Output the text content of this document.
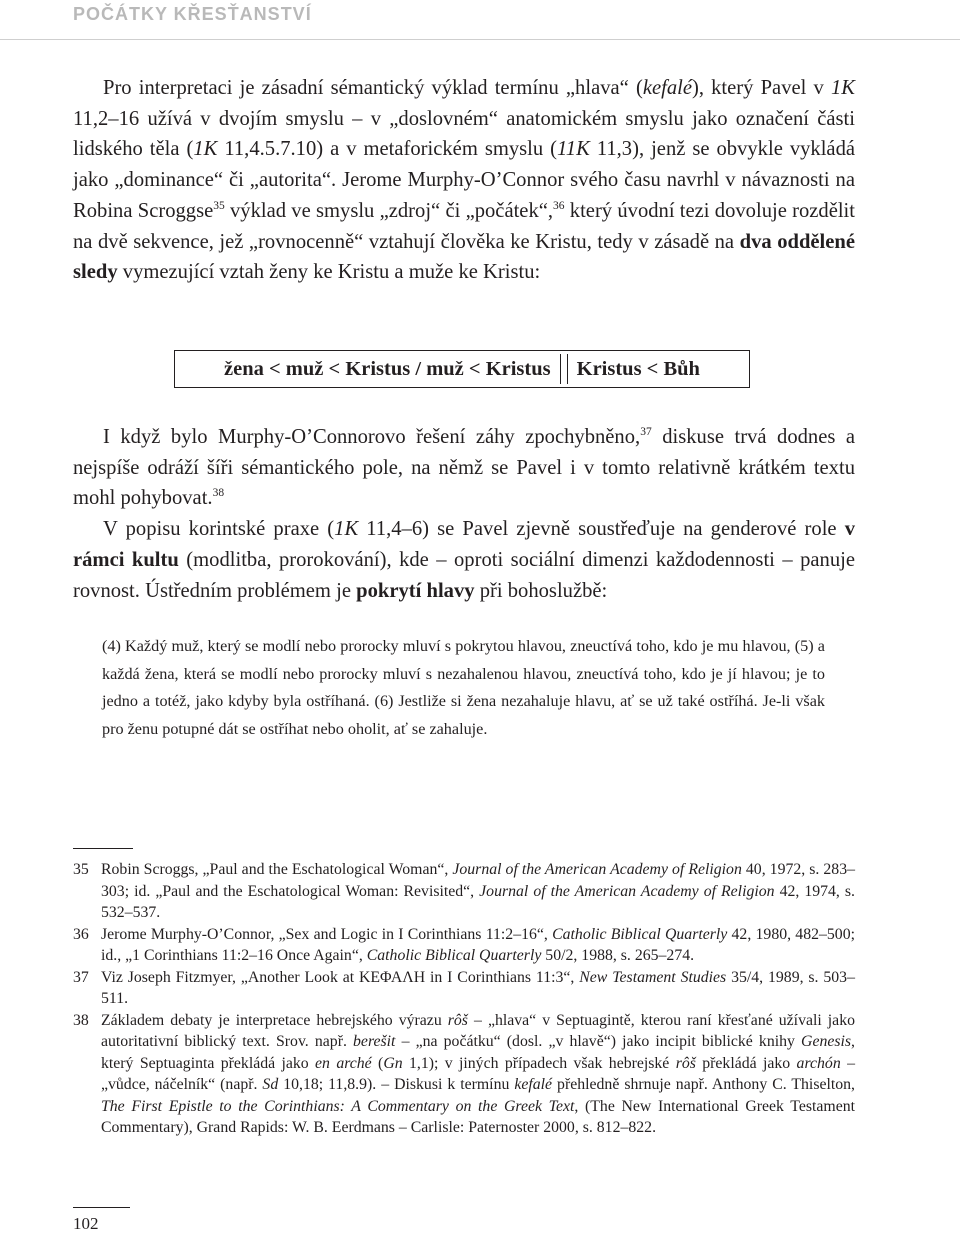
POČÁTKY KŘESŤANSTVÍ

Pro interpretaci je zásadní sémantický výklad termínu „hlava“ (kefalé), který Pavel v 1K 11,2–16 užívá v dvojím smyslu – v „doslovném“ anatomickém smyslu jako označení části lidského těla (1K 11,4.5.7.10) a v metaforickém smyslu (11K 11,3), jenž se obvykle vykládá jako „dominance“ či „autorita“. Jerome Murphy-O’Connor svého času navrhl v návaznosti na Robina Scroggse$^{35}$ výklad ve smyslu „zdroj“ či „počátek“,$^{36}$ který úvodní tezi dovoluje rozdělit na dvě sekvence, jež „rovnocenně“ vztahují člověka ke Kristu, tedy v zásadě na dva oddělené sledy vymezující vztah ženy ke Kristu a muže ke Kristu:

žena < muž < Kristus / muž < Kristus Kristus < Bůh

I když bylo Murphy-O’Connorovo řešení záhy zpochybněno,$^{37}$ diskuse trvá dodnes a nejspíše odráží šíři sémantického pole, na němž se Pavel i v tomto relativně krátkém textu mohl pohybovat.$^{38}$

V popisu korintské praxe (1K 11,4–6) se Pavel zjevně soustřeďuje na genderové role v rámci kultu (modlitba, prorokování), kde – oproti sociální dimenzi každodennosti – panuje rovnost. Ústředním problémem je pokrytí hlavy při bohoslužbě:

(4) Každý muž, který se modlí nebo prorocky mluví s pokrytou hlavou, zneuctívá toho, kdo je mu hlavou, (5) a každá žena, která se modlí nebo prorocky mluví s nezahalenou hlavou, zneuctívá toho, kdo je jí hlavou; je to jedno a totéž, jako kdyby byla ostříhaná. (6) Jestliže si žena nezahaluje hlavu, ať se už také ostříhá. Je-li však pro ženu potupné dát se ostříhat nebo oholit, ať se zahaluje.

35 Robin Scroggs, „Paul and the Eschatological Woman“, Journal of the American Academy of Religion 40, 1972, s. 283–303; id. „Paul and the Eschatological Woman: Revisited“, Journal of the American Academy of Religion 42, 1974, s. 532–537.
36 Jerome Murphy-O’Connor, „Sex and Logic in I Corinthians 11:2–16“, Catholic Biblical Quarterly 42, 1980, 482–500; id., „1 Corinthians 11:2–16 Once Again“, Catholic Biblical Quarterly 50/2, 1988, s. 265–274.
37 Viz Joseph Fitzmyer, „Another Look at ΚΕΦΑΛΗ in I Corinthians 11:3“, New Testament Studies 35/4, 1989, s. 503–511.
38 Základem debaty je interpretace hebrejského výrazu rôš – „hlava“ v Septuagintě, kterou raní křesťané užívali jako autoritativní biblický text. Srov. např. berešit – „na počátku“ (dosl. „v hlavě“) jako incipit biblické knihy Genesis, který Septuaginta překládá jako en arché (Gn 1,1); v jiných případech však hebrejské rôš překládá jako archón – „vůdce, náčelník“ (např. Sd 10,18; 11,8.9). – Diskusi k termínu kefalé přehledně shrnuje např. Anthony C. Thiselton, The First Epistle to the Corinthians: A Commentary on the Greek Text, (The New International Greek Testament Commentary), Grand Rapids: W. B. Eerdmans – Carlisle: Paternoster 2000, s. 812–822.
102
